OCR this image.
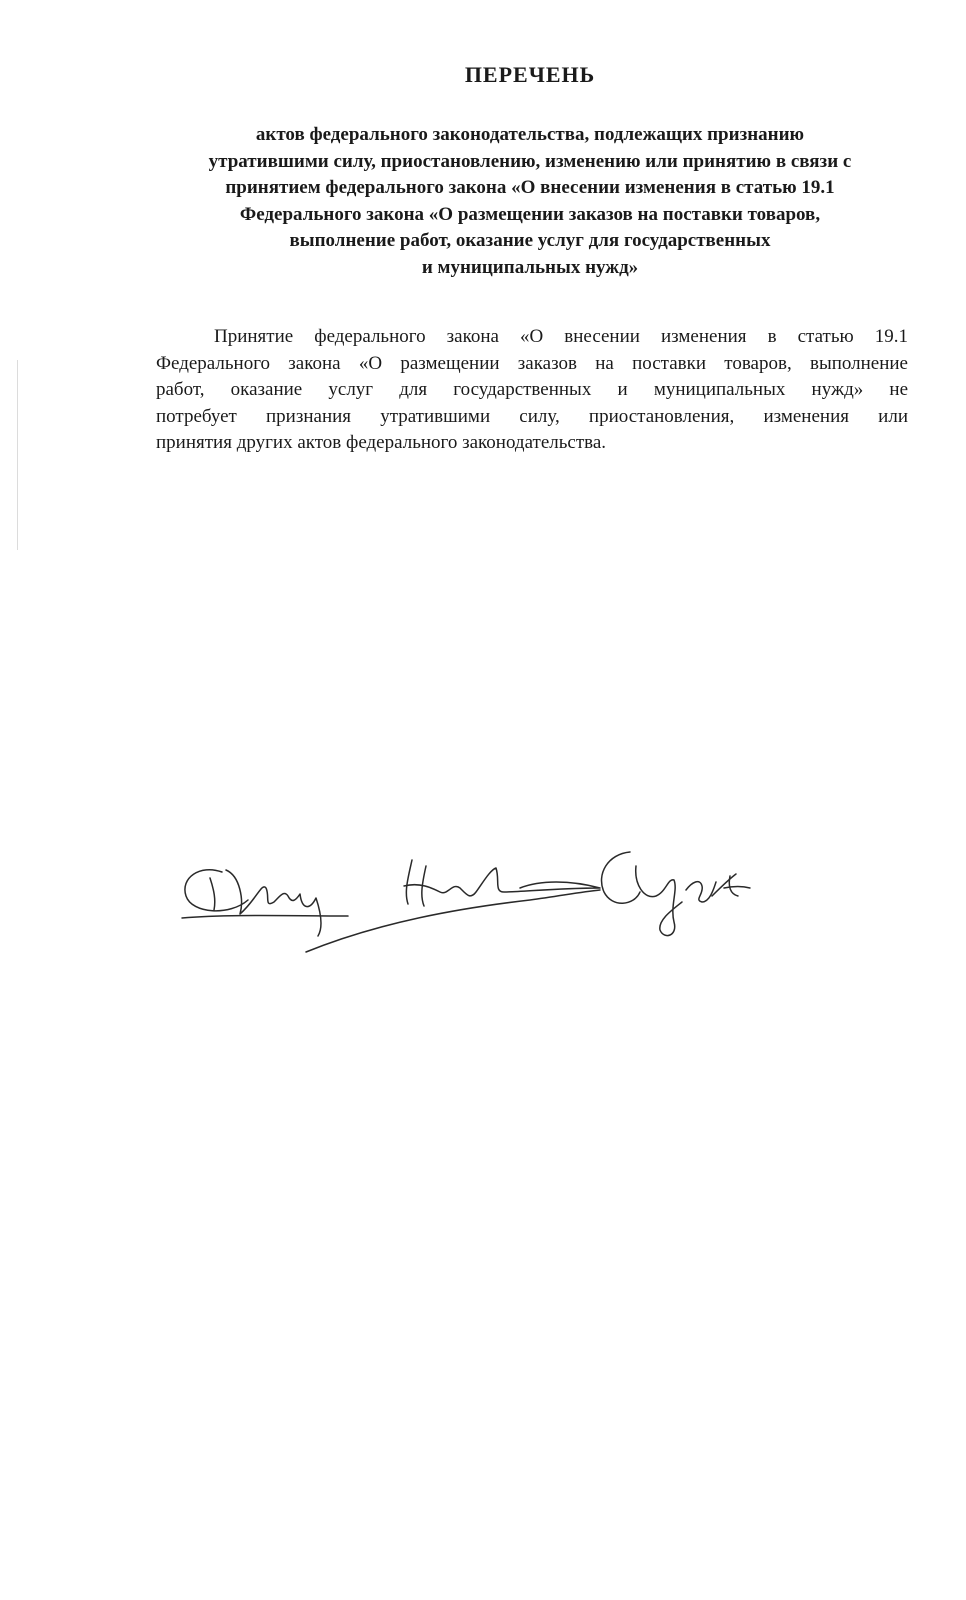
ПЕРЕЧЕНЬ
актов федерального законодательства, подлежащих признанию
утратившими силу, приостановлению, изменению или принятию в связи с
принятием федерального закона «О внесении изменения в статью 19.1
Федерального закона «О размещении заказов на поставки товаров,
выполнение работ, оказание услуг для государственных
и муниципальных нужд»
Принятие федерального закона «О внесении изменения в статью 19.1
Федерального закона «О размещении заказов на поставки товаров, выполнение
работ, оказание услуг для государственных и муниципальных нужд» не
потребует признания утратившими силу, приостановления, изменения или
принятия других актов федерального законодательства.
